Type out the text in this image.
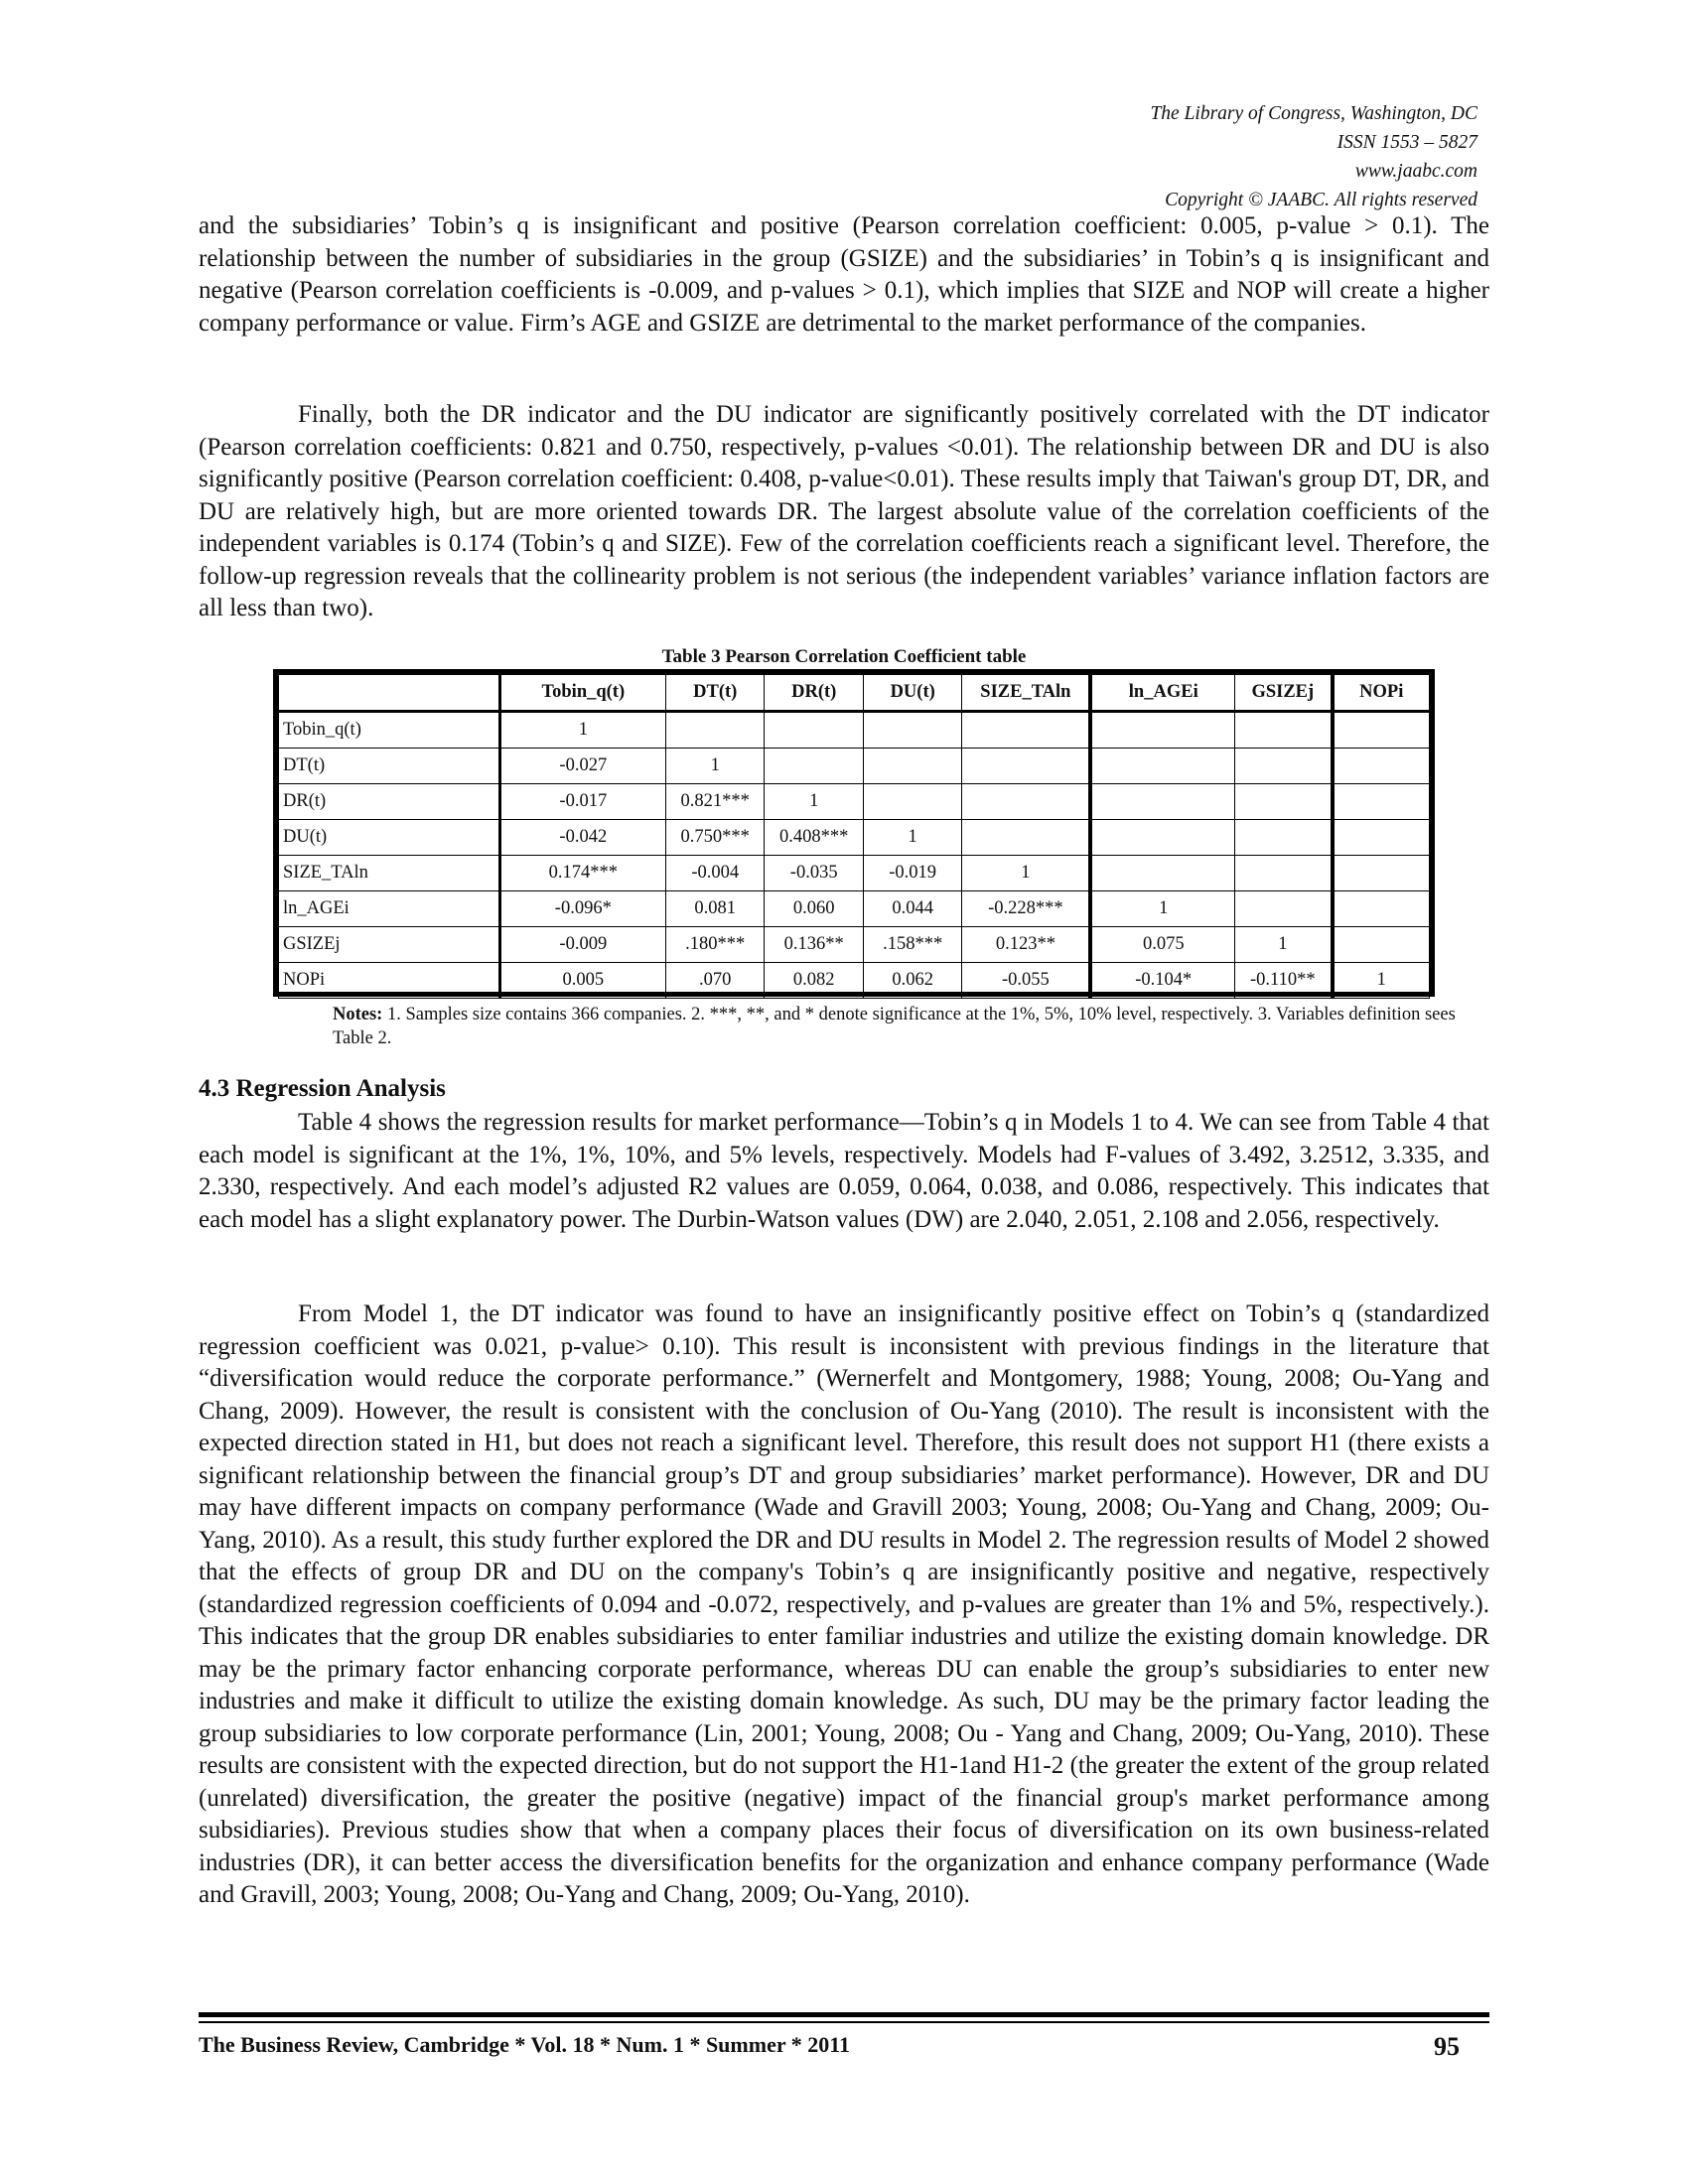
The Library of Congress, Washington, DC
ISSN 1553 – 5827
www.jaabc.com
Copyright © JAABC. All rights reserved

and the subsidiaries’ Tobin’s q is insignificant and positive (Pearson correlation coefficient: 0.005, p-value > 0.1). The relationship between the number of subsidiaries in the group (GSIZE) and the subsidiaries’ in Tobin’s q is insignificant and negative (Pearson correlation coefficients is -0.009, and p-values > 0.1), which implies that SIZE and NOP will create a higher company performance or value. Firm’s AGE and GSIZE are detrimental to the market performance of the companies.

Finally, both the DR indicator and the DU indicator are significantly positively correlated with the DT indicator (Pearson correlation coefficients: 0.821 and 0.750, respectively, p-values <0.01). The relationship between DR and DU is also significantly positive (Pearson correlation coefficient: 0.408, p-value<0.01). These results imply that Taiwan's group DT, DR, and DU are relatively high, but are more oriented towards DR. The largest absolute value of the correlation coefficients of the independent variables is 0.174 (Tobin’s q and SIZE). Few of the correlation coefficients reach a significant level. Therefore, the follow-up regression reveals that the collinearity problem is not serious (the independent variables’ variance inflation factors are all less than two).

Table 3 Pearson Correlation Coefficient table
	Tobin_q(t)	DT(t)	DR(t)	DU(t)	SIZE_TAln	ln_AGEi	GSIZEj	NOPi
Tobin_q(t)	1							
DT(t)	-0.027	1						
DR(t)	-0.017	0.821***	1					
DU(t)	-0.042	0.750***	0.408***	1				
SIZE_TAln	0.174***	-0.004	-0.035	-0.019	1			
ln_AGEi	-0.096*	0.081	0.060	0.044	-0.228***	1		
GSIZEj	-0.009	.180***	0.136**	.158***	0.123**	0.075	1	
NOPi	0.005	.070	0.082	0.062	-0.055	-0.104*	-0.110**	1
Notes: 1. Samples size contains 366 companies. 2. ***, **, and * denote significance at the 1%, 5%, 10% level, respectively. 3. Variables definition sees Table 2.
4.3 Regression Analysis

Table 4 shows the regression results for market performance—Tobin’s q in Models 1 to 4. We can see from Table 4 that each model is significant at the 1%, 1%, 10%, and 5% levels, respectively. Models had F-values of 3.492, 3.2512, 3.335, and 2.330, respectively. And each model’s adjusted R2 values are 0.059, 0.064, 0.038, and 0.086, respectively. This indicates that each model has a slight explanatory power. The Durbin-Watson values (DW) are 2.040, 2.051, 2.108 and 2.056, respectively.

From Model 1, the DT indicator was found to have an insignificantly positive effect on Tobin’s q (standardized regression coefficient was 0.021, p-value> 0.10). This result is inconsistent with previous findings in the literature that “diversification would reduce the corporate performance.” (Wernerfelt and Montgomery, 1988; Young, 2008; Ou-Yang and Chang, 2009). However, the result is consistent with the conclusion of Ou-Yang (2010). The result is inconsistent with the expected direction stated in H1, but does not reach a significant level. Therefore, this result does not support H1 (there exists a significant relationship between the financial group’s DT and group subsidiaries’ market performance). However, DR and DU may have different impacts on company performance (Wade and Gravill 2003; Young, 2008; Ou-Yang and Chang, 2009; Ou-Yang, 2010). As a result, this study further explored the DR and DU results in Model 2. The regression results of Model 2 showed that the effects of group DR and DU on the company's Tobin’s q are insignificantly positive and negative, respectively (standardized regression coefficients of 0.094 and -0.072, respectively, and p-values are greater than 1% and 5%, respectively.). This indicates that the group DR enables subsidiaries to enter familiar industries and utilize the existing domain knowledge. DR may be the primary factor enhancing corporate performance, whereas DU can enable the group’s subsidiaries to enter new industries and make it difficult to utilize the existing domain knowledge. As such, DU may be the primary factor leading the group subsidiaries to low corporate performance (Lin, 2001; Young, 2008; Ou - Yang and Chang, 2009; Ou-Yang, 2010). These results are consistent with the expected direction, but do not support the H1-1and H1-2 (the greater the extent of the group related (unrelated) diversification, the greater the positive (negative) impact of the financial group's market performance among subsidiaries). Previous studies show that when a company places their focus of diversification on its own business-related industries (DR), it can better access the diversification benefits for the organization and enhance company performance (Wade and Gravill, 2003; Young, 2008; Ou-Yang and Chang, 2009; Ou-Yang, 2010).

The Business Review, Cambridge * Vol. 18 * Num. 1 * Summer * 2011	95
